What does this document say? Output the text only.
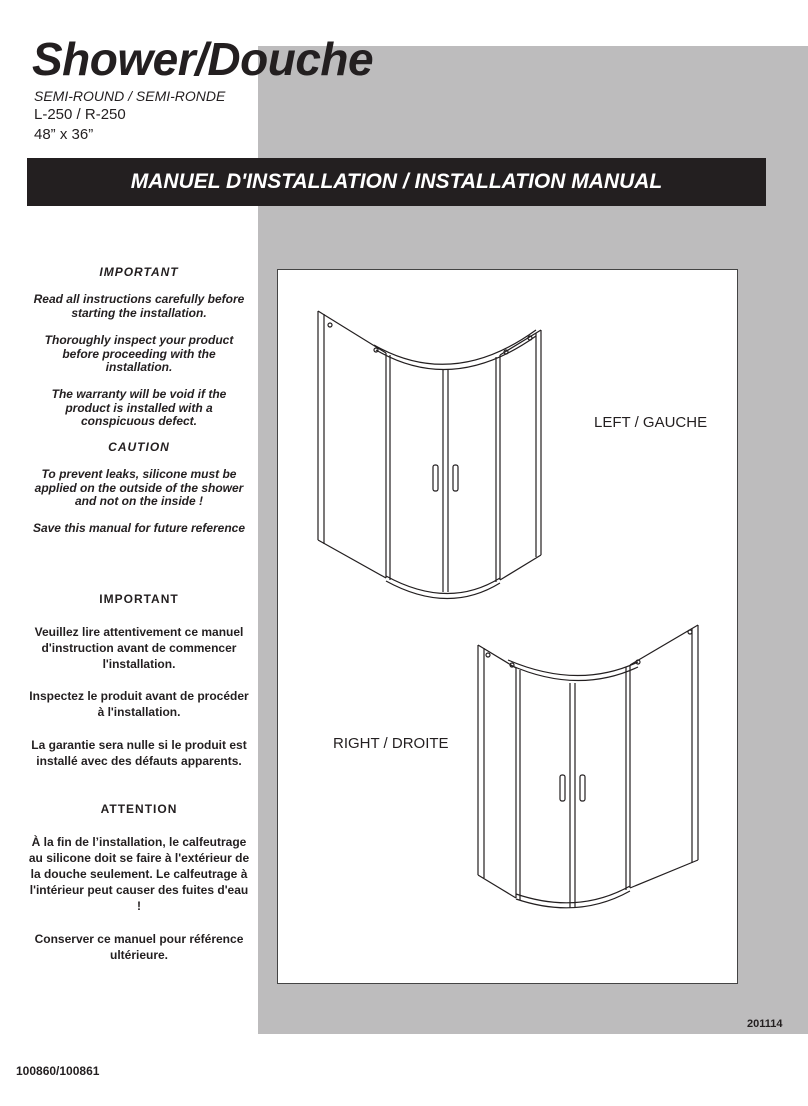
Shower/Douche
SEMI-ROUND / SEMI-RONDE
L-250 / R-250
48” x 36”
MANUEL D'INSTALLATION / INSTALLATION MANUAL
IMPORTANT
Read all instructions carefully before starting the installation.
Thoroughly inspect your product before proceeding with the installation.
The warranty will be void if the product is installed with a conspicuous defect.
CAUTION
To prevent leaks, silicone must be applied on the outside of the shower and not on the inside !
Save this manual for future reference
IMPORTANT
Veuillez lire attentivement ce manuel d'instruction avant de commencer l'installation.
Inspectez le produit avant de procéder à l'installation.
La garantie sera nulle si le produit est installé avec des défauts apparents.
ATTENTION
À la fin de l’installation, le calfeutrage au silicone doit se faire à l'extérieur de la douche seulement. Le calfeutrage à l'intérieur peut causer des fuites d'eau !
Conserver ce manuel pour référence ultérieure.
LEFT / GAUCHE
RIGHT / DROITE
201114
100860/100861
